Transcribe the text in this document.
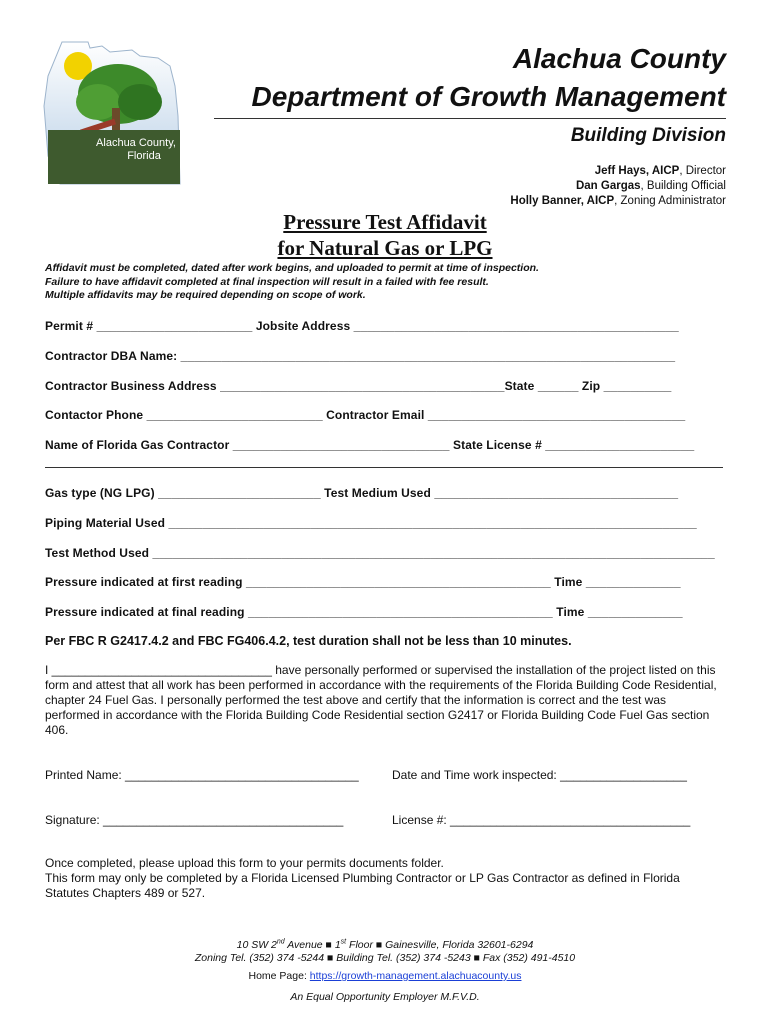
Alachua County,
Florida
Alachua County
Department of Growth Management
Building Division
Jeff Hays, AICP, Director
Dan Gargas, Building Official
Holly Banner, AICP, Zoning Administrator
Pressure Test Affidavit
for Natural Gas or LPG
Affidavit must be completed, dated after work begins, and uploaded to permit at time of inspection.
Failure to have affidavit completed at final inspection will result in a failed with fee result.
Multiple affidavits may be required depending on scope of work.
Permit # _______________________ Jobsite Address ________________________________________________
Contractor DBA Name: _________________________________________________________________________
Contractor Business Address __________________________________________State ______ Zip __________
Contactor Phone __________________________ Contractor Email ______________________________________
Name of Florida Gas Contractor ________________________________ State License # ______________________
Gas type (NG LPG) ________________________ Test Medium Used ____________________________________
Piping Material Used ______________________________________________________________________________
Test Method Used ___________________________________________________________________________________
Pressure indicated at first reading _____________________________________________ Time ______________
Pressure indicated at final reading _____________________________________________ Time ______________
Per FBC R G2417.4.2 and FBC FG406.4.2, test duration shall not be less than 10 minutes.
I _________________________________ have personally performed or supervised the installation of the project listed on this form and attest that all work has been performed in accordance with the requirements of the Florida Building Code Residential, chapter 24 Fuel Gas. I personally performed the test above and certify that the information is correct and the test was performed in accordance with the Florida Building Code Residential section G2417 or Florida Building Code Fuel Gas section 406.
Printed Name: ___________________________________	Date and Time work inspected: ___________________
Signature: ____________________________________	License #: ____________________________________
Once completed, please upload this form to your permits documents folder.
This form may only be completed by a Florida Licensed Plumbing Contractor or LP Gas Contractor as defined in Florida
Statutes Chapters 489 or 527.
10 SW 2nd Avenue ■ 1st Floor ■ Gainesville, Florida 32601-6294
Zoning Tel. (352) 374 -5244 ■ Building Tel. (352) 374 -5243 ■ Fax (352) 491-4510
Home Page: https://growth-management.alachuacounty.us
An Equal Opportunity Employer M.F.V.D.
